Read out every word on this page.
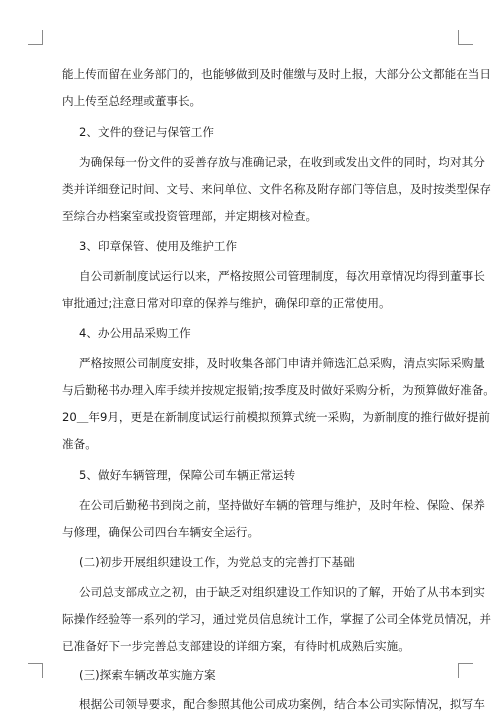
能上传而留在业务部门的，也能够做到及时催缴与及时上报，大部分公文都能在当日
内上传至总经理或董事长。
2、文件的登记与保管工作
为确保每一份文件的妥善存放与准确记录，在收到或发出文件的同时，均对其分
类并详细登记时间、文号、来问单位、文件名称及附存部门等信息，及时按类型保存
至综合办档案室或投资管理部，并定期核对检查。
3、印章保管、使用及维护工作
自公司新制度试运行以来，严格按照公司管理制度，每次用章情况均得到董事长
审批通过;注意日常对印章的保养与维护，确保印章的正常使用。
4、办公用品采购工作
严格按照公司制度安排，及时收集各部门申请并筛选汇总采购，清点实际采购量
与后勤秘书办理入库手续并按规定报销;按季度及时做好采购分析，为预算做好准备。
20＿年9月，更是在新制度试运行前模拟预算式统一采购，为新制度的推行做好提前
准备。
5、做好车辆管理，保障公司车辆正常运转
在公司后勤秘书到岗之前，坚持做好车辆的管理与维护，及时年检、保险、保养
与修理，确保公司四台车辆安全运行。
(二)初步开展组织建设工作，为党总支的完善打下基础
公司总支部成立之初，由于缺乏对组织建设工作知识的了解，开始了从书本到实
际操作经验等一系列的学习，通过党员信息统计工作，掌握了公司全体党员情况，并
已准备好下一步完善总支部建设的详细方案，有待时机成熟后实施。
(三)探索车辆改革实施方案
根据公司领导要求，配合参照其他公司成功案例，结合本公司实际情况，拟写车
